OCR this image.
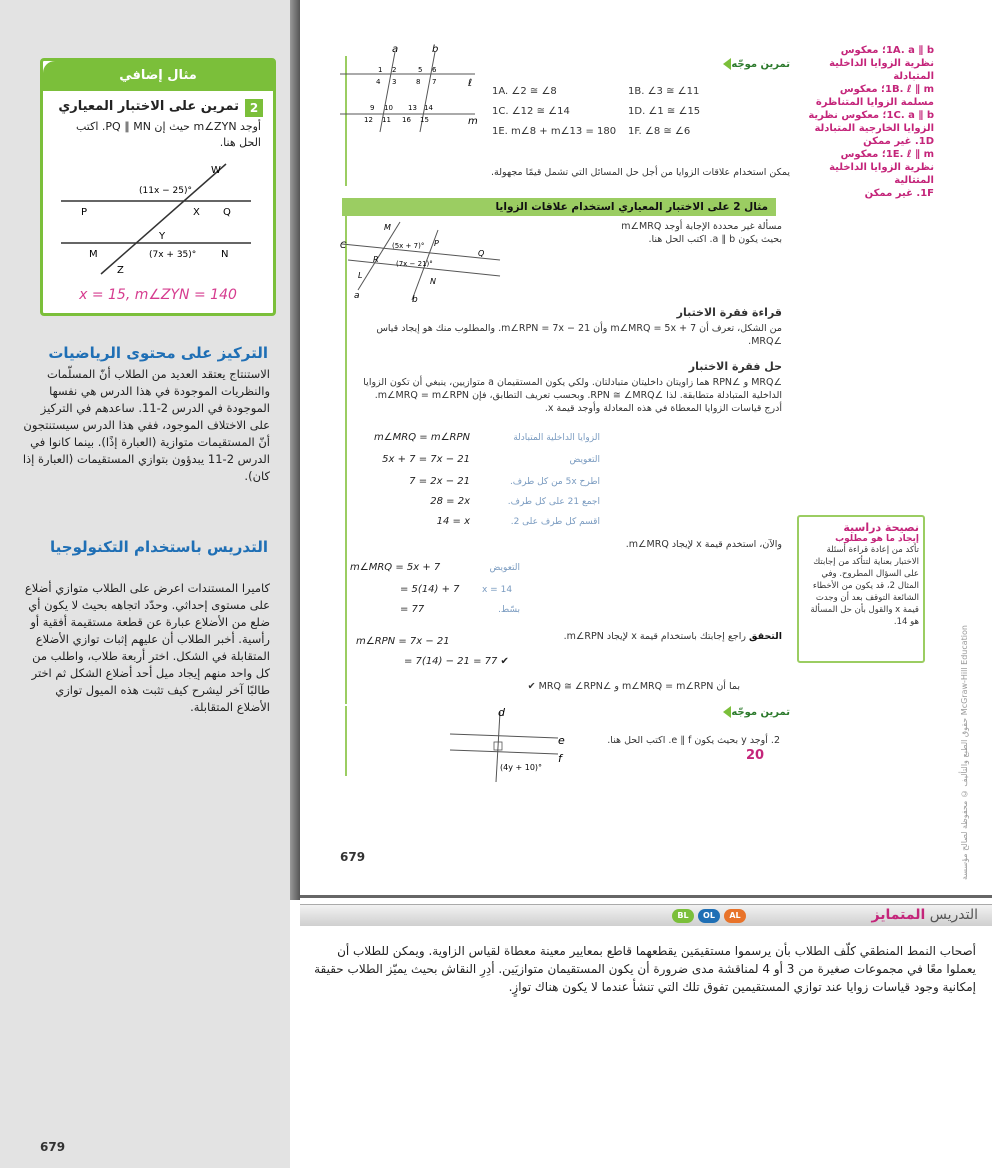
مثال إضافي
2
تمرين على الاختبار المعياري
أوجد m∠ZYN حيث إن PQ ∥ MN. اكتب الحل هنا.
W
P	X Q
Y
M	N
Z
(11x − 25)°
(7x + 35)°
x = 15, m∠ZYN = 140
التركيز على محتوى الرياضيات
الاستنتاج يعتقد العديد من الطلاب أنّ المسلّمات والنظريات الموجودة في هذا الدرس هي نفسها الموجودة في الدرس 2-11. ساعدهم في التركيز على الاختلاف الموجود، ففي هذا الدرس سيستنتجون أنّ المستقيمات متوازية (العبارة إذًا). بينما كانوا في الدرس 2-11 يبدؤون بتوازي المستقيمات (العبارة إذا كان).
التدريس باستخدام التكنولوجيا
كاميرا المستندات اعرض على الطلاب متوازي أضلاع على مستوى إحداثي. وحدّد اتجاهه بحيث لا يكون أي ضلع من الأضلاع عبارة عن قطعة مستقيمة أفقية أو رأسية. أخبر الطلاب أن عليهم إثبات توازي الأضلاع المتقابلة في الشكل. اختر أربعة طلاب، واطلب من كل واحد منهم إيجاد ميل أحد أضلاع الشكل ثم اختر طالبًا آخر ليشرح كيف تثبت هذه الميول توازي الأضلاع المتقابلة.
679
1A. a ∥ b؛ معكوس نظرية الزوايا الداخلية المتبادلة
1B. ℓ ∥ m؛ معكوس مسلمة الزوايا المتناظرة
1C. a ∥ b؛ معكوس نظرية الزوايا الخارجية المتبادلة
1D. غير ممكن
1E. ℓ ∥ m؛ معكوس نظرية الزوايا الداخلية المتتالية
1F. غير ممكن
تمرين موجّه
a	b
ℓ
m
1 2	5 6
4 3	8 7
9 10 13 14
12 11 16 15
1A. ∠2 ≅ ∠8	1B. ∠3 ≅ ∠11
1C. ∠12 ≅ ∠14	1D. ∠1 ≅ ∠15
1E. m∠8 + m∠13 = 180 1F. ∠8 ≅ ∠6
يمكن استخدام علاقات الزوايا من أجل حل المسائل التي تشمل قيمًا مجهولة.
مثال 2 على الاختبار المعياري استخدام علاقات الزوايا
M
(5x + 7)° P
C
R (7x − 21)°
Q
L
N
a	b
مسألة غير محددة الإجابة أوجد m∠MRQ بحيث يكون a ∥ b. اكتب الحل هنا.
قراءة فقرة الاختبار
من الشكل، تعرف أن m∠MRQ = 5x + 7 وأن m∠RPN = 7x − 21. والمطلوب منك هو إيجاد قياس ∠MRQ.
حل فقرة الاختبار
∠MRQ و ∠RPN هما زاويتان داخليتان متبادلتان. ولكي يكون المستقيمان a متوازيين، ينبغي أن تكون الزوايا الداخلية المتبادلة متطابقة. لذا ∠RPN ≅ ∠MRQ. وبحسب تعريف التطابق، فإن m∠MRQ = m∠RPN. أدرج قياسات الزوايا المعطاة في هذه المعادلة وأوجد قيمة x.
m∠MRQ = m∠RPN	الزوايا الداخلية المتبادلة
5x + 7 = 7x − 21	التعويض
7 = 2x − 21	اطرح 5x من كل طرف.
28 = 2x	اجمع 21 على كل طرف.
14 = x	اقسم كل طرف على 2.
والآن، استخدم قيمة x لإيجاد m∠MRQ.
m∠MRQ = 5x + 7	التعويض
= 5(14) + 7	x = 14
= 77	بسّط.
التحقق راجع إجابتك باستخدام قيمة x لإيجاد m∠RPN.
m∠RPN = 7x − 21
= 7(14) − 21 = 77 ✔
بما أن m∠MRQ = m∠RPN و ∠MRQ ≅ ∠RPN ✔
تمرين موجّه
d
e
f
(4y + 10)°
2. أوجد y بحيث يكون e ∥ f. اكتب الحل هنا.
20
نصيحة دراسية
إيجاد ما هو مطلوب
تأكد من إعادة قراءة أسئلة الاختبار بعناية لتتأكد من إجابتك على السؤال المطروح. وفي المثال 2، قد يكون من الأخطاء الشائعة التوقف بعد أن وجدت قيمة x والقول بأن حل المسألة هو 14.
حقوق الطبع والتأليف © محفوظة لصالح مؤسسة McGraw-Hill Education
679
التدريس المتمايز
BL	OL	AL
أصحاب النمط المنطقي كلّف الطلاب بأن يرسموا مستقيمَين يقطعهما قاطع بمعايير معينة معطاة لقياس الزاوية. ويمكن للطلاب أن يعملوا معًا في مجموعات صغيرة من 3 أو 4 لمناقشة مدى ضرورة أن يكون المستقيمان متوازيَين. أدِرِ النقاش بحيث يميّز الطلاب حقيقة إمكانية وجود قياسات زوايا عند توازي المستقيمين تفوق تلك التي تنشأ عندما لا يكون هناك توازٍ.
